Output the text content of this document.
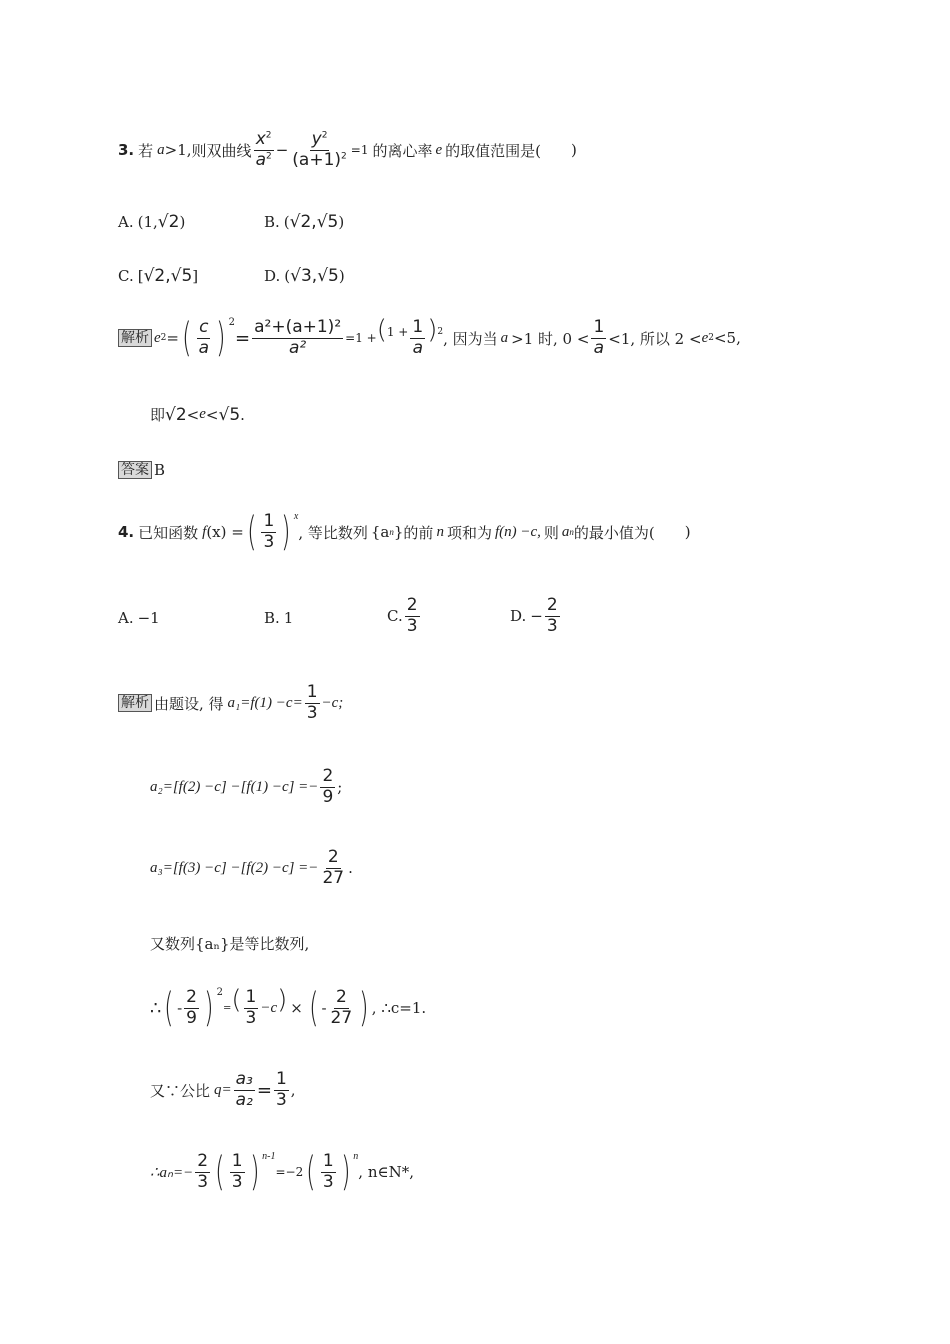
3. 若 a >1, 则双曲线 $\frac{x^2}{a^2} - \frac{y^2}{(a+1)^2} =1$ 的离心率 e 的取值范围是( )
A. (1, √2 )	B. ( √2, √5 )
C. [ √2, √5 ]	D. ( √3, √5 )
解析 e 2 = ( $\frac{c}{a}$ ) 2
= $\frac{\text{a²+(a+1)²}}{\text{a²}} =1$ + ( $1 + \frac{1}{a}$ ) 2 , 因为当 a >1 时, $0 < \frac{1}{a} <1$, 所以 2 < e 2 <5,
即 √2 < e < √5 .
答案 B
4. 已知函数 f (x) = ( $\frac{1}{3}$ ) x
, 等比数列 {a n } 的前 n 项和为 f(n) −c, 则 a n 的最小值为( )
A. −1	B. 1	C. $\frac{2}{3}$	D. − $\frac{2}{3}$
解析 由题设, 得 $a_1=f(1) -c= \frac{1}{3} -c$;
$a_2=[f(2) -c] -[f(1) -c] =- \frac{2}{9}$ ;
$a_3=[f(3) -c] -[f(2) -c] =- \frac{2}{27}$ .
又数列{aₙ}是等比数列,
∴ ( - $\frac{2}{9}$ ) 2
= ( $\frac{1}{3} -c$ ) × ( - $\frac{2}{27}$ ) , ∴c=1.
又∵公比 $q= \frac{\text{a₃}}{\text{a₂}} = \frac{1}{3}$ ,
∴aₙ=− $\frac{2}{3}$ ( $\frac{1}{3}$ ) n-1
=−2 ( $\frac{1}{3}$ ) n
, n∈N*,
